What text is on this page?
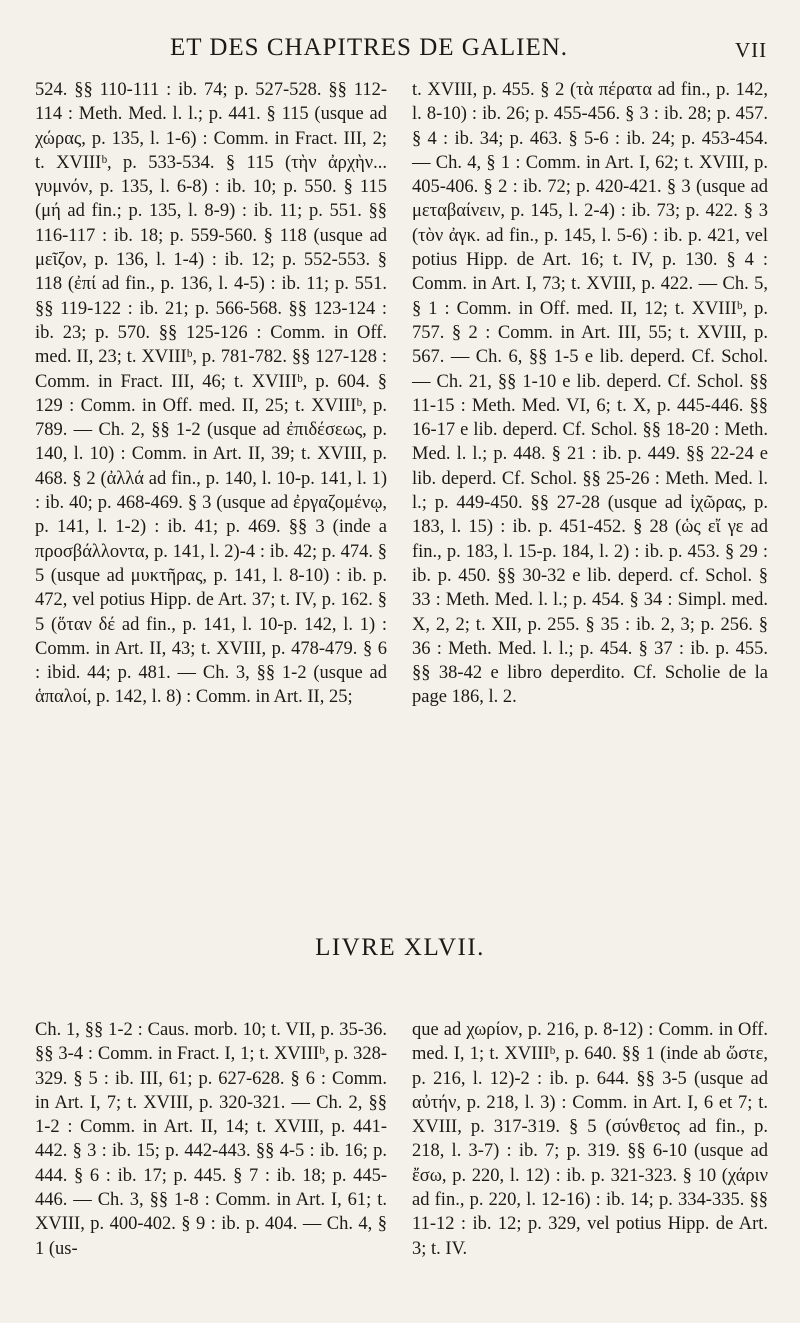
ET DES CHAPITRES DE GALIEN.	VII

524. §§ 110-111 : ib. 74; p. 527-528. §§ 112-114 : Meth. Med. l. l.; p. 441. § 115 (usque ad χώρας, p. 135, l. 1-6) : Comm. in Fract. III, 2; t. XVIIIᵇ, p. 533-534. § 115 (τὴν ἀρχὴν... γυμνόν, p. 135, l. 6-8) : ib. 10; p. 550. § 115 (μή ad fin.; p. 135, l. 8-9) : ib. 11; p. 551. §§ 116-117 : ib. 18; p. 559-560. § 118 (usque ad μεῖζον, p. 136, l. 1-4) : ib. 12; p. 552-553. § 118 (ἐπί ad fin., p. 136, l. 4-5) : ib. 11; p. 551. §§ 119-122 : ib. 21; p. 566-568. §§ 123-124 : ib. 23; p. 570. §§ 125-126 : Comm. in Off. med. II, 23; t. XVIIIᵇ, p. 781-782. §§ 127-128 : Comm. in Fract. III, 46; t. XVIIIᵇ, p. 604. § 129 : Comm. in Off. med. II, 25; t. XVIIIᵇ, p. 789. — Ch. 2, §§ 1-2 (usque ad ἐπιδέσεως, p. 140, l. 10) : Comm. in Art. II, 39; t. XVIII, p. 468. § 2 (ἀλλά ad fin., p. 140, l. 10-p. 141, l. 1) : ib. 40; p. 468-469. § 3 (usque ad ἐργαζομένῳ, p. 141, l. 1-2) : ib. 41; p. 469. §§ 3 (inde a προσβάλλοντα, p. 141, l. 2)-4 : ib. 42; p. 474. § 5 (usque ad μυκτῆρας, p. 141, l. 8-10) : ib. p. 472, vel potius Hipp. de Art. 37; t. IV, p. 162. § 5 (ὅταν δέ ad fin., p. 141, l. 10-p. 142, l. 1) : Comm. in Art. II, 43; t. XVIII, p. 478-479. § 6 : ibid. 44; p. 481. — Ch. 3, §§ 1-2 (usque ad ἁπαλοί, p. 142, l. 8) : Comm. in Art. II, 25;

t. XVIII, p. 455. § 2 (τὰ πέρατα ad fin., p. 142, l. 8-10) : ib. 26; p. 455-456. § 3 : ib. 28; p. 457. § 4 : ib. 34; p. 463. § 5-6 : ib. 24; p. 453-454. — Ch. 4, § 1 : Comm. in Art. I, 62; t. XVIII, p. 405-406. § 2 : ib. 72; p. 420-421. § 3 (usque ad μεταβαίνειν, p. 145, l. 2-4) : ib. 73; p. 422. § 3 (τὸν ἀγκ. ad fin., p. 145, l. 5-6) : ib. p. 421, vel potius Hipp. de Art. 16; t. IV, p. 130. § 4 : Comm. in Art. I, 73; t. XVIII, p. 422. — Ch. 5, § 1 : Comm. in Off. med. II, 12; t. XVIIIᵇ, p. 757. § 2 : Comm. in Art. III, 55; t. XVIII, p. 567. — Ch. 6, §§ 1-5 e lib. deperd. Cf. Schol. — Ch. 21, §§ 1-10 e lib. deperd. Cf. Schol. §§ 11-15 : Meth. Med. VI, 6; t. X, p. 445-446. §§ 16-17 e lib. deperd. Cf. Schol. §§ 18-20 : Meth. Med. l. l.; p. 448. § 21 : ib. p. 449. §§ 22-24 e lib. deperd. Cf. Schol. §§ 25-26 : Meth. Med. l. l.; p. 449-450. §§ 27-28 (usque ad ἰχῶρας, p. 183, l. 15) : ib. p. 451-452. § 28 (ὡς εἴ γε ad fin., p. 183, l. 15-p. 184, l. 2) : ib. p. 453. § 29 : ib. p. 450. §§ 30-32 e lib. deperd. cf. Schol. § 33 : Meth. Med. l. l.; p. 454. § 34 : Simpl. med. X, 2, 2; t. XII, p. 255. § 35 : ib. 2, 3; p. 256. § 36 : Meth. Med. l. l.; p. 454. § 37 : ib. p. 455. §§ 38-42 e libro deperdito. Cf. Scholie de la page 186, l. 2.

LIVRE XLVII.

Ch. 1, §§ 1-2 : Caus. morb. 10; t. VII, p. 35-36. §§ 3-4 : Comm. in Fract. I, 1; t. XVIIIᵇ, p. 328-329. § 5 : ib. III, 61; p. 627-628. § 6 : Comm. in Art. I, 7; t. XVIII, p. 320-321. — Ch. 2, §§ 1-2 : Comm. in Art. II, 14; t. XVIII, p. 441-442. § 3 : ib. 15; p. 442-443. §§ 4-5 : ib. 16; p. 444. § 6 : ib. 17; p. 445. § 7 : ib. 18; p. 445-446. — Ch. 3, §§ 1-8 : Comm. in Art. I, 61; t. XVIII, p. 400-402. § 9 : ib. p. 404. — Ch. 4, § 1 (us-

que ad χωρίον, p. 216, p. 8-12) : Comm. in Off. med. I, 1; t. XVIIIᵇ, p. 640. §§ 1 (inde ab ὥστε, p. 216, l. 12)-2 : ib. p. 644. §§ 3-5 (usque ad αὐτήν, p. 218, l. 3) : Comm. in Art. I, 6 et 7; t. XVIII, p. 317-319. § 5 (σύνθετος ad fin., p. 218, l. 3-7) : ib. 7; p. 319. §§ 6-10 (usque ad ἔσω, p. 220, l. 12) : ib. p. 321-323. § 10 (χάριν ad fin., p. 220, l. 12-16) : ib. 14; p. 334-335. §§ 11-12 : ib. 12; p. 329, vel potius Hipp. de Art. 3; t. IV.
